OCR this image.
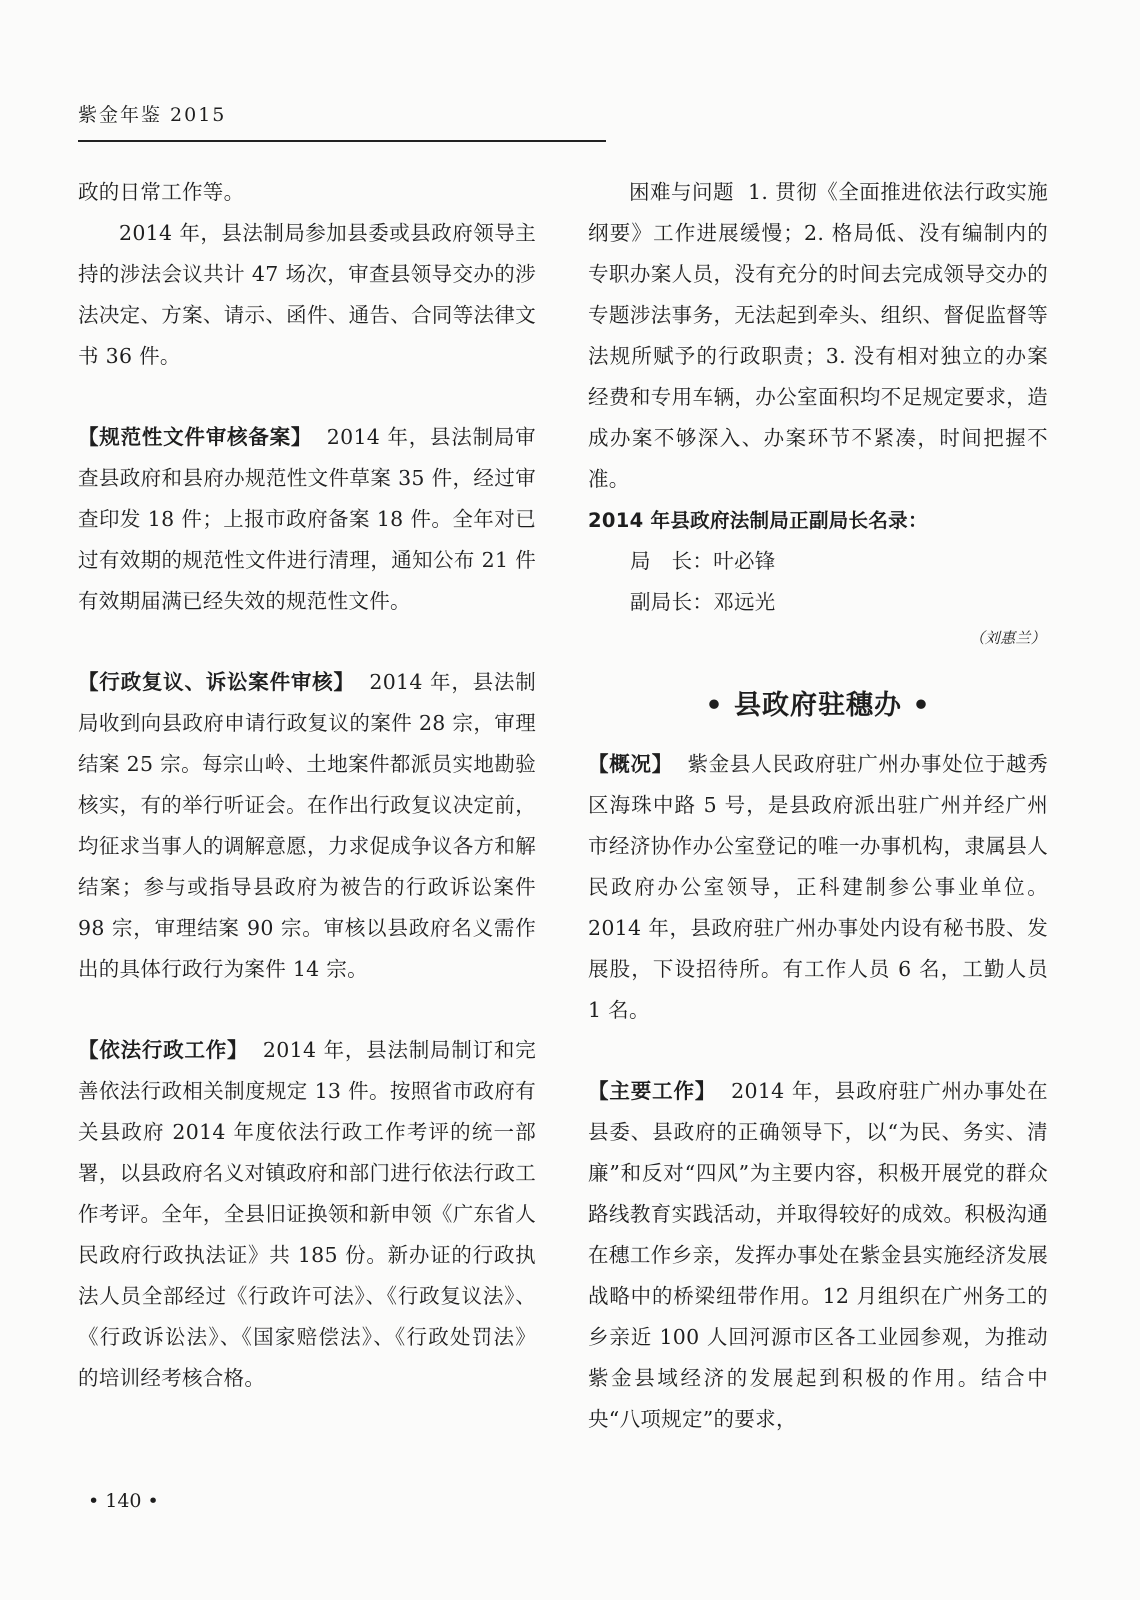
紫金年鉴 2015

政的日常工作等。

2014 年，县法制局参加县委或县政府领导主持的涉法会议共计 47 场次，审查县领导交办的涉法决定、方案、请示、函件、通告、合同等法律文书 36 件。

【规范性文件审核备案】 2014 年，县法制局审查县政府和县府办规范性文件草案 35 件，经过审查印发 18 件；上报市政府备案 18 件。全年对已过有效期的规范性文件进行清理，通知公布 21 件有效期届满已经失效的规范性文件。

【行政复议、诉讼案件审核】 2014 年，县法制局收到向县政府申请行政复议的案件 28 宗，审理结案 25 宗。每宗山岭、土地案件都派员实地勘验核实，有的举行听证会。在作出行政复议决定前，均征求当事人的调解意愿，力求促成争议各方和解结案；参与或指导县政府为被告的行政诉讼案件 98 宗，审理结案 90 宗。审核以县政府名义需作出的具体行政行为案件 14 宗。

【依法行政工作】 2014 年，县法制局制订和完善依法行政相关制度规定 13 件。按照省市政府有关县政府 2014 年度依法行政工作考评的统一部署，以县政府名义对镇政府和部门进行依法行政工作考评。全年，全县旧证换领和新申领《广东省人民政府行政执法证》共 185 份。新办证的行政执法人员全部经过《行政许可法》、《行政复议法》、《行政诉讼法》、《国家赔偿法》、《行政处罚法》的培训经考核合格。

困难与问题 1. 贯彻《全面推进依法行政实施纲要》工作进展缓慢；2. 格局低、没有编制内的专职办案人员，没有充分的时间去完成领导交办的专题涉法事务，无法起到牵头、组织、督促监督等法规所赋予的行政职责；3. 没有相对独立的办案经费和专用车辆，办公室面积均不足规定要求，造成办案不够深入、办案环节不紧凑，时间把握不准。

2014 年县政府法制局正副局长名录：

局　长：叶必锋

副局长：邓远光

（刘惠兰）

• 县政府驻穗办 •

【概况】 紫金县人民政府驻广州办事处位于越秀区海珠中路 5 号，是县政府派出驻广州并经广州市经济协作办公室登记的唯一办事机构，隶属县人民政府办公室领导，正科建制参公事业单位。2014 年，县政府驻广州办事处内设有秘书股、发展股，下设招待所。有工作人员 6 名，工勤人员 1 名。

【主要工作】 2014 年，县政府驻广州办事处在县委、县政府的正确领导下，以“为民、务实、清廉”和反对“四风”为主要内容，积极开展党的群众路线教育实践活动，并取得较好的成效。积极沟通在穗工作乡亲，发挥办事处在紫金县实施经济发展战略中的桥梁纽带作用。12 月组织在广州务工的乡亲近 100 人回河源市区各工业园参观，为推动紫金县域经济的发展起到积极的作用。结合中央“八项规定”的要求，

• 140 •
